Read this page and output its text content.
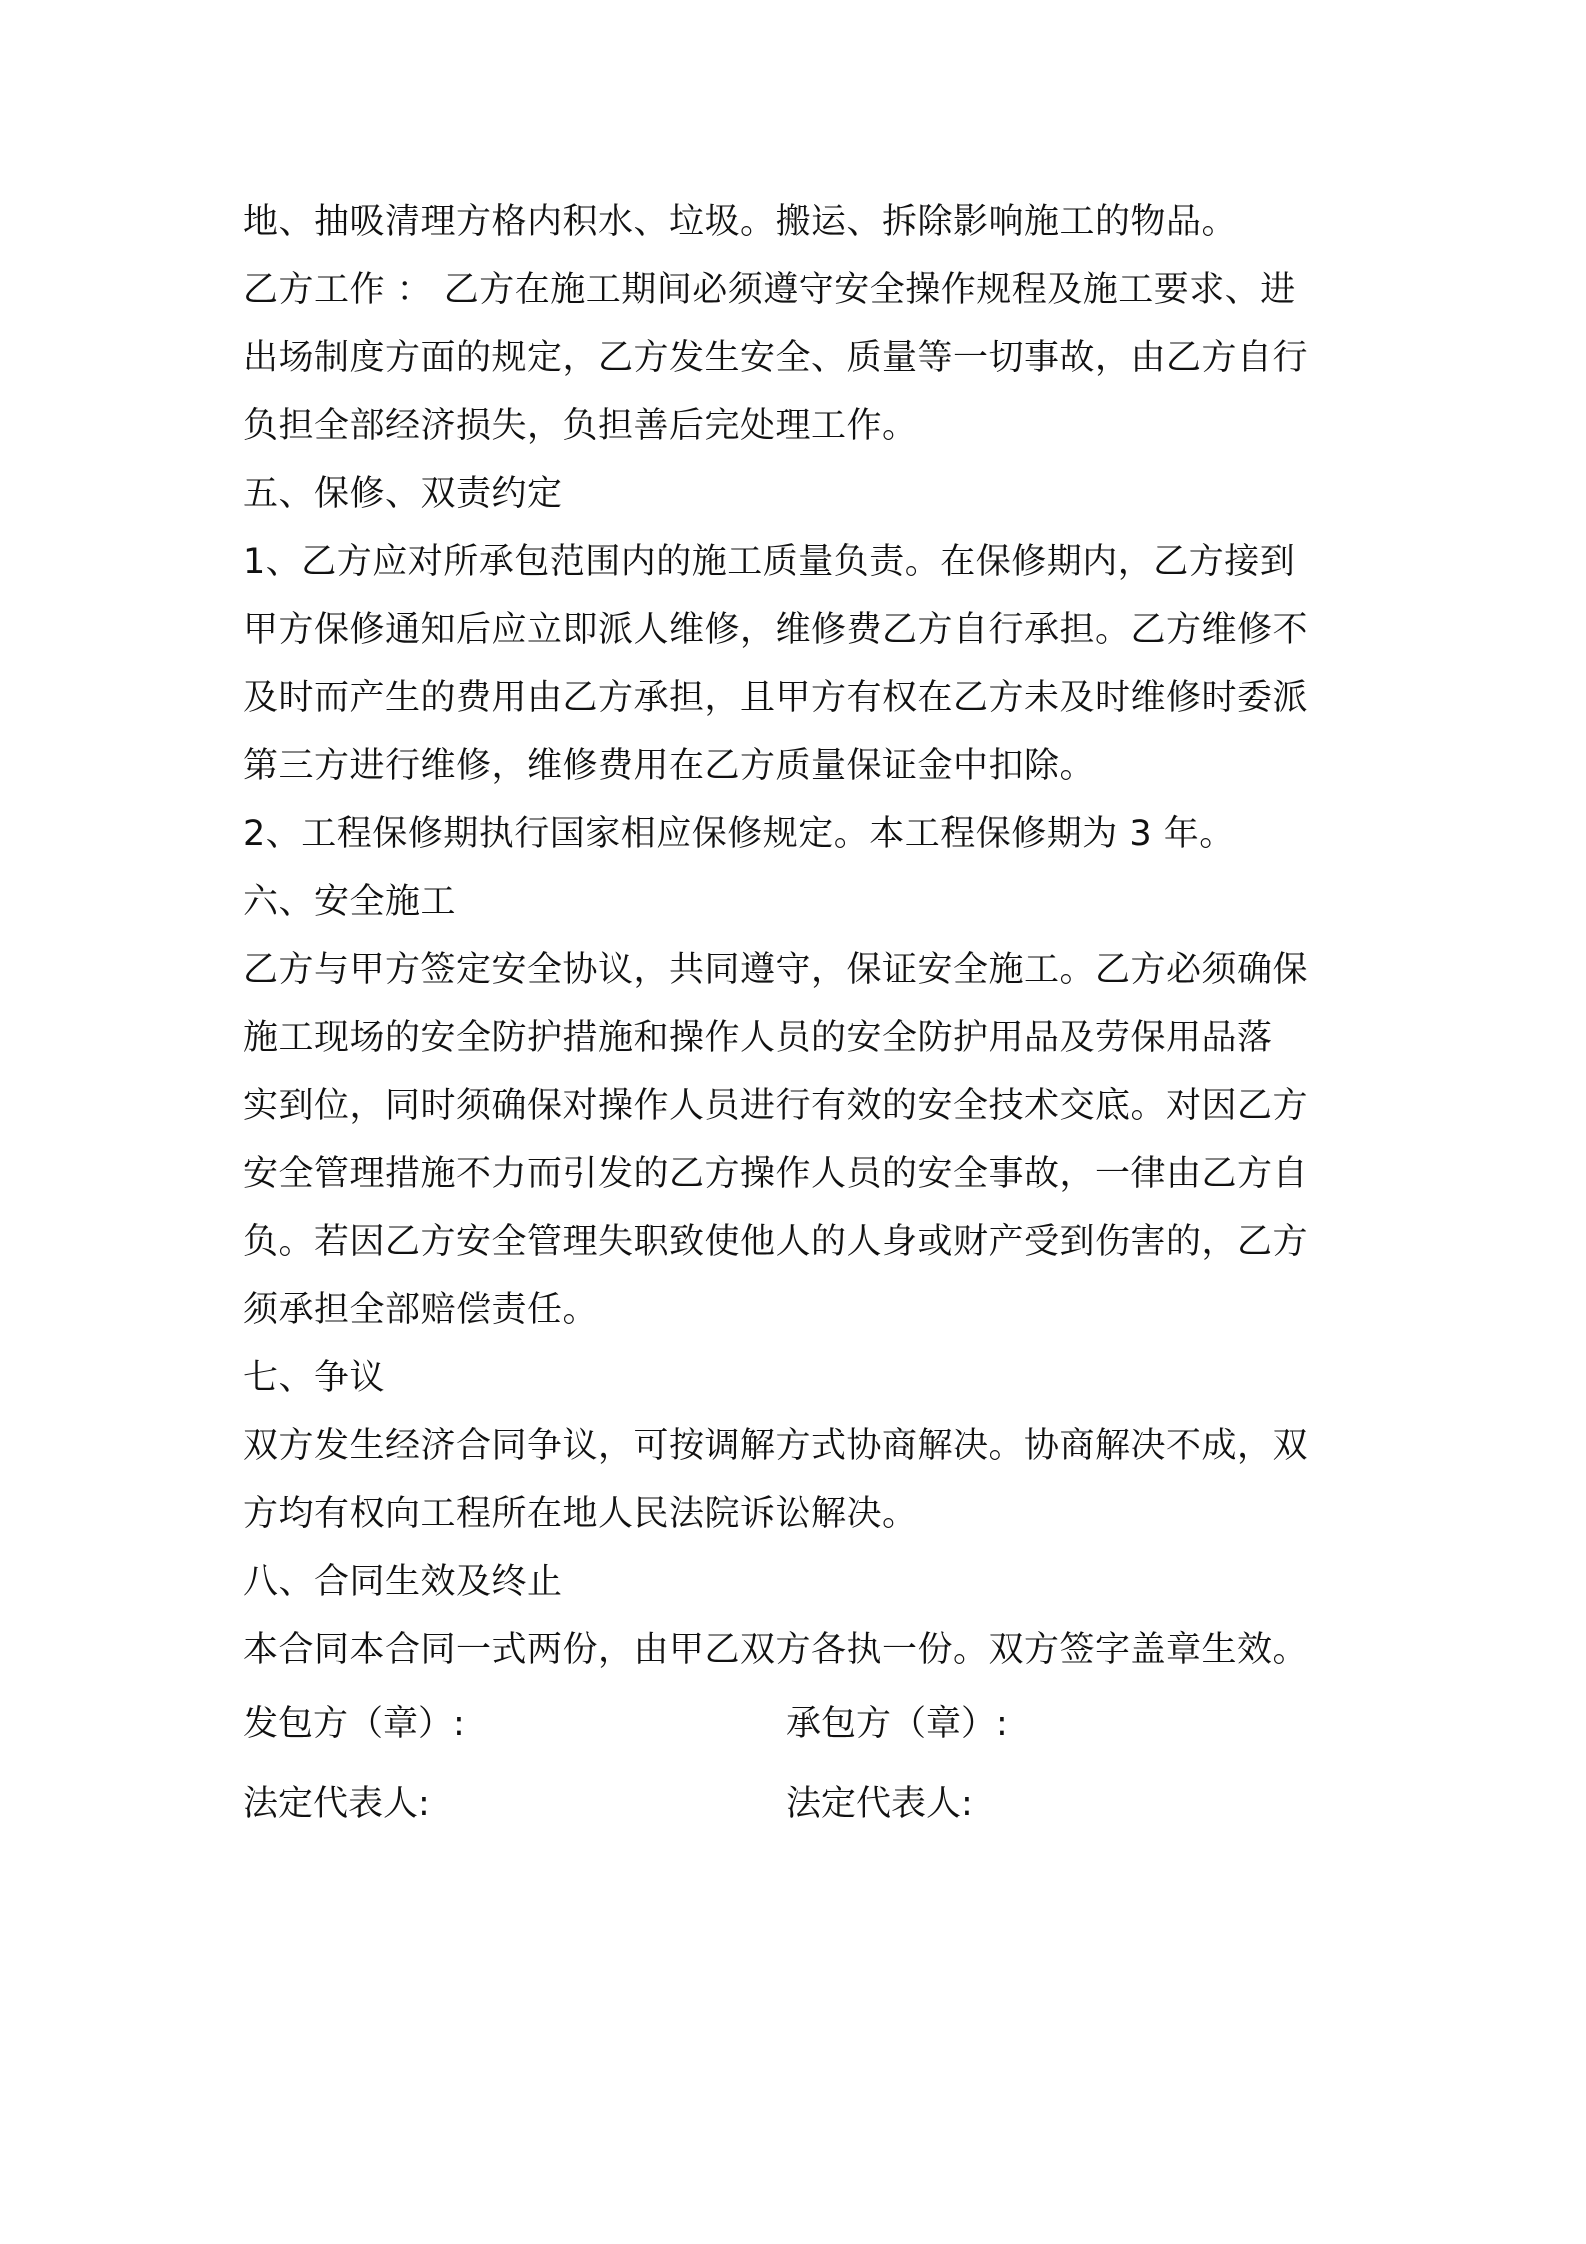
地、抽吸清理方格内积水、垃圾。搬运、拆除影响施工的物品。
乙方工作 ： 乙方在施工期间必须遵守安全操作规程及施工要求、进
出场制度方面的规定，乙方发生安全、质量等一切事故，由乙方自行
负担全部经济损失，负担善后完处理工作。
五、保修、双责约定
1、乙方应对所承包范围内的施工质量负责。在保修期内，乙方接到
甲方保修通知后应立即派人维修，维修费乙方自行承担。乙方维修不
及时而产生的费用由乙方承担，且甲方有权在乙方未及时维修时委派
第三方进行维修，维修费用在乙方质量保证金中扣除。
2、工程保修期执行国家相应保修规定。本工程保修期为 3 年。
六、安全施工
乙方与甲方签定安全协议，共同遵守，保证安全施工。乙方必须确保
施工现场的安全防护措施和操作人员的安全防护用品及劳保用品落
实到位，同时须确保对操作人员进行有效的安全技术交底。对因乙方
安全管理措施不力而引发的乙方操作人员的安全事故，一律由乙方自
负。若因乙方安全管理失职致使他人的人身或财产受到伤害的，乙方
须承担全部赔偿责任。
七、争议
双方发生经济合同争议，可按调解方式协商解决。协商解决不成，双
方均有权向工程所在地人民法院诉讼解决。
八、合同生效及终止
本合同本合同一式两份，由甲乙双方各执一份。双方签字盖章生效。
发包方（章）:	承包方（章）:
法定代表人:	法定代表人:
